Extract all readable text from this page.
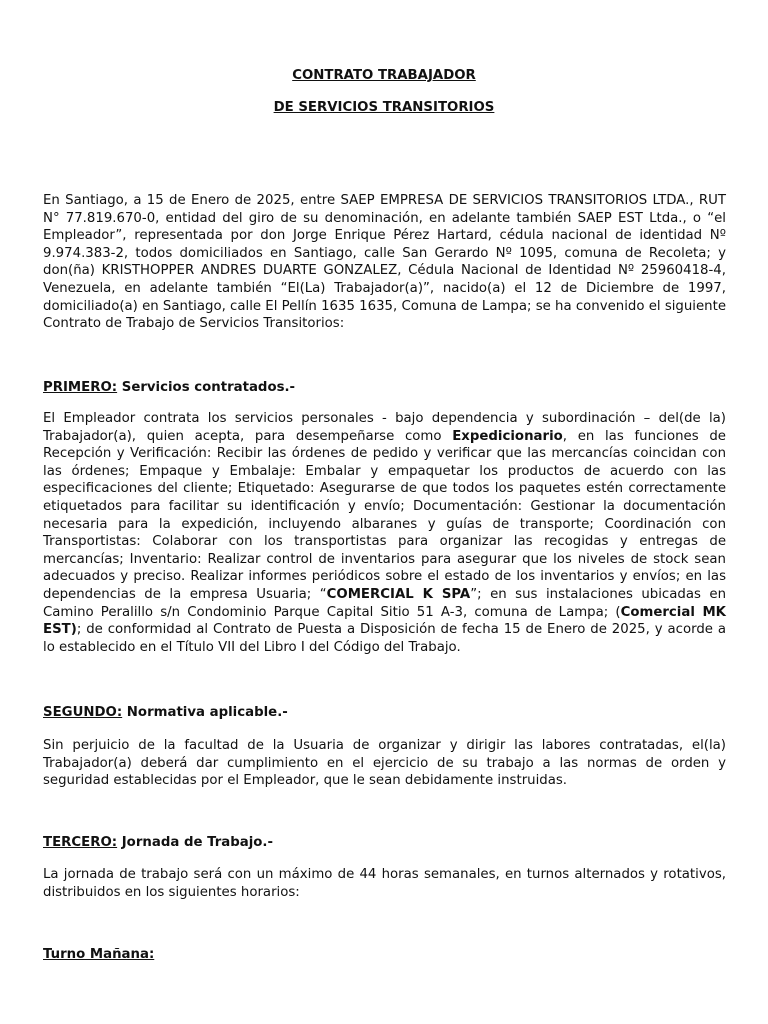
CONTRATO TRABAJADOR
DE SERVICIOS TRANSITORIOS

En Santiago, a 15 de Enero de 2025, entre SAEP EMPRESA DE SERVICIOS TRANSITORIOS LTDA., RUT N° 77.819.670-0, entidad del giro de su denominación, en adelante también SAEP EST Ltda., o “el Empleador”, representada por don Jorge Enrique Pérez Hartard, cédula nacional de identidad Nº 9.974.383-2, todos domiciliados en Santiago, calle San Gerardo Nº 1095, comuna de Recoleta; y don(ña) KRISTHOPPER ANDRES DUARTE GONZALEZ, Cédula Nacional de Identidad Nº 25960418-4, Venezuela, en adelante también “El(La) Trabajador(a)”, nacido(a) el 12 de Diciembre de 1997, domiciliado(a) en Santiago, calle El Pellín 1635 1635, Comuna de Lampa; se ha convenido el siguiente Contrato de Trabajo de Servicios Transitorios:

PRIMERO: Servicios contratados.-

El Empleador contrata los servicios personales - bajo dependencia y subordinación – del(de la) Trabajador(a), quien acepta, para desempeñarse como Expedicionario, en las funciones de Recepción y Verificación: Recibir las órdenes de pedido y verificar que las mercancías coincidan con las órdenes; Empaque y Embalaje: Embalar y empaquetar los productos de acuerdo con las especificaciones del cliente; Etiquetado: Asegurarse de que todos los paquetes estén correctamente etiquetados para facilitar su identificación y envío; Documentación: Gestionar la documentación necesaria para la expedición, incluyendo albaranes y guías de transporte; Coordinación con Transportistas: Colaborar con los transportistas para organizar las recogidas y entregas de mercancías; Inventario: Realizar control de inventarios para asegurar que los niveles de stock sean adecuados y preciso. Realizar informes periódicos sobre el estado de los inventarios y envíos; en las dependencias de la empresa Usuaria; “COMERCIAL K SPA”; en sus instalaciones ubicadas en Camino Peralillo s/n Condominio Parque Capital Sitio 51 A-3, comuna de Lampa; (Comercial MK EST); de conformidad al Contrato de Puesta a Disposición de fecha 15 de Enero de 2025, y acorde a lo establecido en el Título VII del Libro I del Código del Trabajo.

SEGUNDO: Normativa aplicable.-

Sin perjuicio de la facultad de la Usuaria de organizar y dirigir las labores contratadas, el(la) Trabajador(a) deberá dar cumplimiento en el ejercicio de su trabajo a las normas de orden y seguridad establecidas por el Empleador, que le sean debidamente instruidas.

TERCERO: Jornada de Trabajo.-

La jornada de trabajo será con un máximo de 44 horas semanales, en turnos alternados y rotativos, distribuidos en los siguientes horarios:

Turno Mañana:
